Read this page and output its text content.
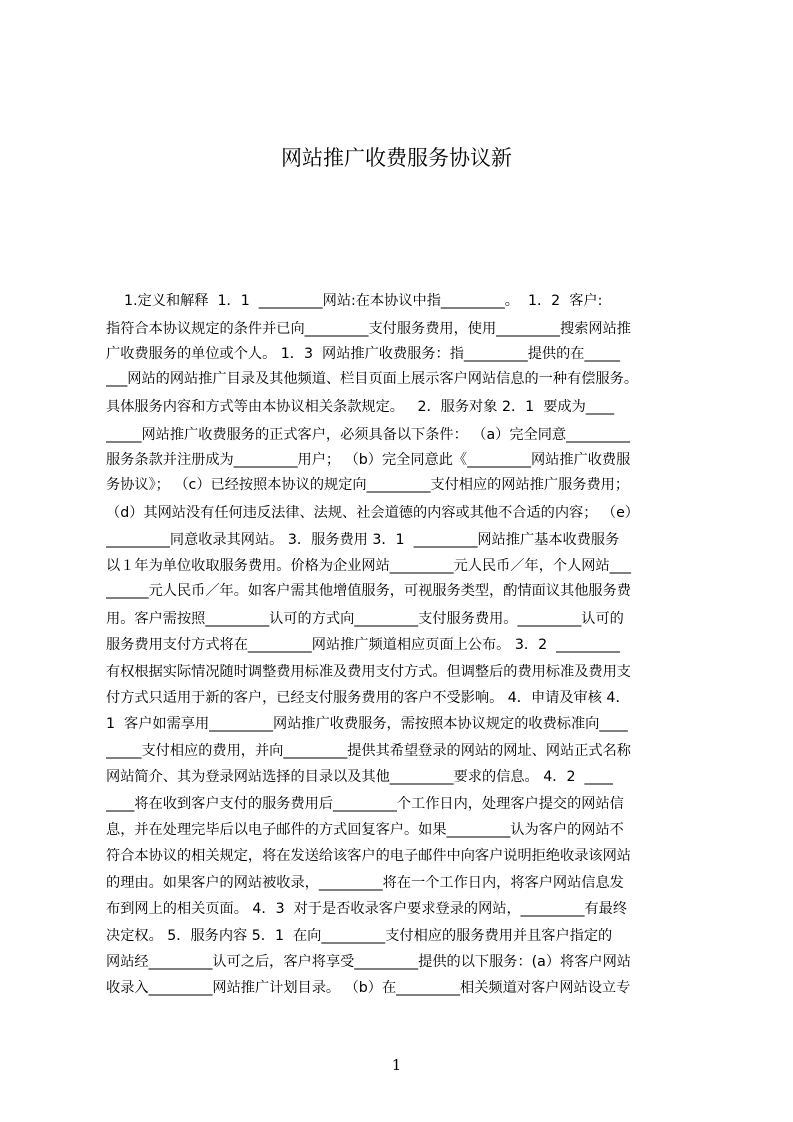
网站推广收费服务协议新
1.定义和解释  1．1  _________网站:在本协议中指_________。  1．2  客户:
指符合本协议规定的条件并已向_________支付服务费用，使用_________搜索网站推
广收费服务的单位或个人。 1．3  网站推广收费服务：指_________提供的在_____
___网站的网站推广目录及其他频道、栏目页面上展示客户网站信息的一种有偿服务。
具体服务内容和方式等由本协议相关条款规定。   2．服务对象 2．1  要成为____
_____网站推广收费服务的正式客户，必须具备以下条件： （a）完全同意_________
服务条款并注册成为_________用户； （b）完全同意此《_________网站推广收费服
务协议》； （c）已经按照本协议的规定向_________支付相应的网站推广服务费用；
（d）其网站没有任何违反法律、法规、社会道德的内容或其他不合适的内容； （e）
_________同意收录其网站。 3．服务费用 3．1  _________网站推广基本收费服务
以１年为单位收取服务费用。价格为企业网站_________元人民币／年，个人网站___
______元人民币／年。如客户需其他增值服务，可视服务类型，酌情面议其他服务费
用。客户需按照_________认可的方式向_________支付服务费用。_________认可的
服务费用支付方式将在_________网站推广频道相应页面上公布。 3．2  _________
有权根据实际情况随时调整费用标准及费用支付方式。但调整后的费用标准及费用支
付方式只适用于新的客户，已经支付服务费用的客户不受影响。 4．申请及审核 4．
1  客户如需享用_________网站推广收费服务，需按照本协议规定的收费标准向____
_____支付相应的费用，并向_________提供其希望登录的网站的网址、网站正式名称
网站简介、其为登录网站选择的目录以及其他_________要求的信息。 4．2  ____
____将在收到客户支付的服务费用后_________个工作日内，处理客户提交的网站信
息，并在处理完毕后以电子邮件的方式回复客户。如果_________认为客户的网站不
符合本协议的相关规定，将在发送给该客户的电子邮件中向客户说明拒绝收录该网站
的理由。如果客户的网站被收录，_________将在一个工作日内，将客户网站信息发
布到网上的相关页面。 4．3  对于是否收录客户要求登录的网站，_________有最终
决定权。 5．服务内容 5．1  在向_________支付相应的服务费用并且客户指定的
网站经_________认可之后，客户将享受_________提供的以下服务：(a）将客户网站
收录入_________网站推广计划目录。 （b）在_________相关频道对客户网站设立专
1
